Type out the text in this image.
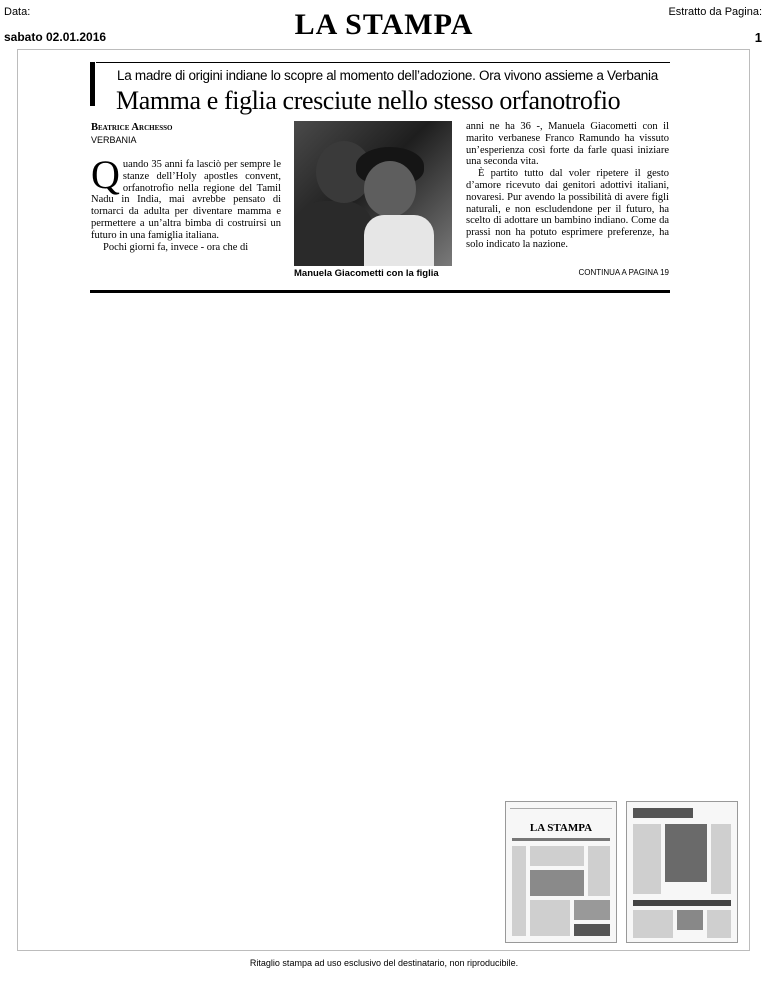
Data:
sabato 02.01.2016	LA STAMPA	Estratto da Pagina:
1
La madre di origini indiane lo scopre al momento dell’adozione. Ora vivono assieme a Verbania
Mamma e figlia cresciute nello stesso orfanotrofio
Beatrice Archesso
VERBANIA

Quando 35 anni fa lasciò per sempre le stanze dell’Holy apostles convent, orfanotrofio nella regione del Tamil Nadu in India, mai avrebbe pensato di tornarci da adulta per diventare mamma e permettere a un’altra bimba di costruirsi un futuro in una famiglia italiana.

Pochi giorni fa, invece - ora che di

Manuela Giacometti con la figlia

anni ne ha 36 -, Manuela Giacometti con il marito verbanese Franco Ramundo ha vissuto un’esperienza così forte da farle quasi iniziare una seconda vita.

È partito tutto dal voler ripetere il gesto d’amore ricevuto dai genitori adottivi italiani, novaresi. Pur avendo la possibilità di avere figli naturali, e non escludendone per il futuro, ha scelto di adottare un bambino indiano. Come da prassi non ha potuto esprimere preferenze, ha solo indicato la nazione.

CONTINUA A PAGINA 19
LA STAMPA
Ritaglio stampa ad uso esclusivo del destinatario, non riproducibile.
